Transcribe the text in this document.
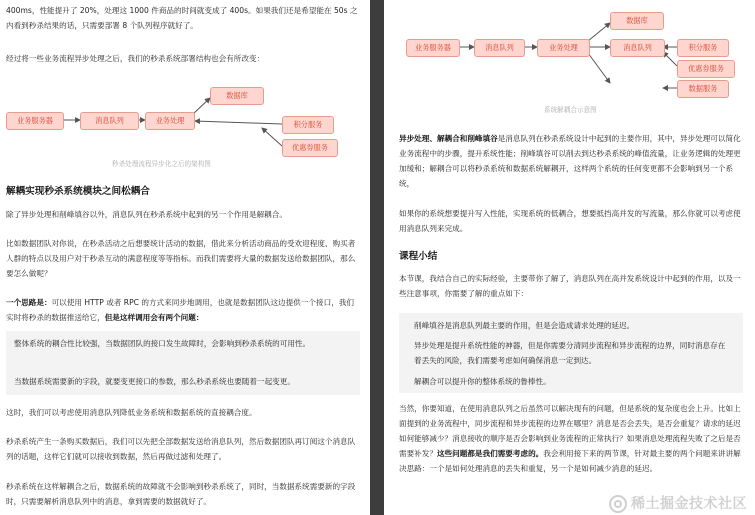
400ms，性能提升了 20%，处理这 1000 件商品的时间就变成了 400s。如果我们还是希望能在 50s 之内看到秒杀结果的话，只需要部署 8 个队列程序就好了。

经过将一些业务流程异步处理之后，我们的秒杀系统部署结构也会有所改变：

业务服务器	消息队列	业务处理
数据库
积分服务
优惠券服务
秒杀处理流程异步化之后的架构图
解耦实现秒杀系统模块之间松耦合

除了异步处理和削峰填谷以外，消息队列在秒杀系统中起到的另一个作用是解耦合。

比如数据团队对你说，在秒杀活动之后想要统计活动的数据，借此来分析活动商品的受欢迎程度、购买者人群的特点以及用户对于秒杀互动的满意程度等等指标。而我们需要将大量的数据发送给数据团队，那么要怎么做呢？

一个思路是：可以使用 HTTP 或者 RPC 的方式来同步地调用，也就是数据团队这边提供一个接口，我们实时将秒杀的数据推送给它，但是这样调用会有两个问题：

整体系统的耦合性比较强，当数据团队的接口发生故障时，会影响到秒杀系统的可用性。

当数据系统需要新的字段，就要变更接口的参数，那么秒杀系统也要随着一起变更。

这时，我们可以考虑使用消息队列降低业务系统和数据系统的直接耦合度。

秒杀系统产生一条购买数据后，我们可以先把全部数据发送给消息队列，然后数据团队再订阅这个消息队列的话题，这样它们就可以接收到数据，然后再做过滤和处理了。

秒杀系统在这样解耦合之后，数据系统的故障就不会影响到秒杀系统了，同时，当数据系统需要新的字段时，只需要解析消息队列中的消息，拿到需要的数据就好了。

业务服务器	消息队列	业务处理
数据库
消息队列	积分服务
优惠券服务
数据服务
系统解耦合示意图

异步处理、解耦合和削峰填谷是消息队列在秒杀系统设计中起到的主要作用，其中，异步处理可以简化业务流程中的步骤，提升系统性能；削峰填谷可以削去到达秒杀系统的峰值流量，让业务逻辑的处理更加缓和；解耦合可以将秒杀系统和数据系统解耦开，这样两个系统的任何变更都不会影响到另一个系统，

如果你的系统想要提升写入性能，实现系统的低耦合，想要抵挡高并发的写流量，那么你就可以考虑使用消息队列来完成。

课程小结

本节课，我结合自己的实际经验，主要带你了解了，消息队列在高并发系统设计中起到的作用，以及一些注意事项，你需要了解的重点如下：

削峰填谷是消息队列最主要的作用，但是会造成请求处理的延迟。

异步处理是提升系统性能的神器，但是你需要分清同步流程和异步流程的边界，同时消息存在着丢失的风险，我们需要考虑如何确保消息一定到达。

解耦合可以提升你的整体系统的鲁棒性。

当然，你要知道，在使用消息队列之后虽然可以解决现有的问题，但是系统的复杂度也会上升。比如上面提到的业务流程中，同步流程和异步流程的边界在哪里？消息是否会丢失，是否会重复？请求的延迟如何能够减少？消息接收的顺序是否会影响到业务流程的正常执行？如果消息处理流程失败了之后是否需要补发？这些问题都是我们需要考虑的。我会利用接下来的两节课，针对最主要的两个问题来讲讲解决思路：一个是如何处理消息的丢失和重复，另一个是如何减少消息的延迟。

稀土掘金技术社区
